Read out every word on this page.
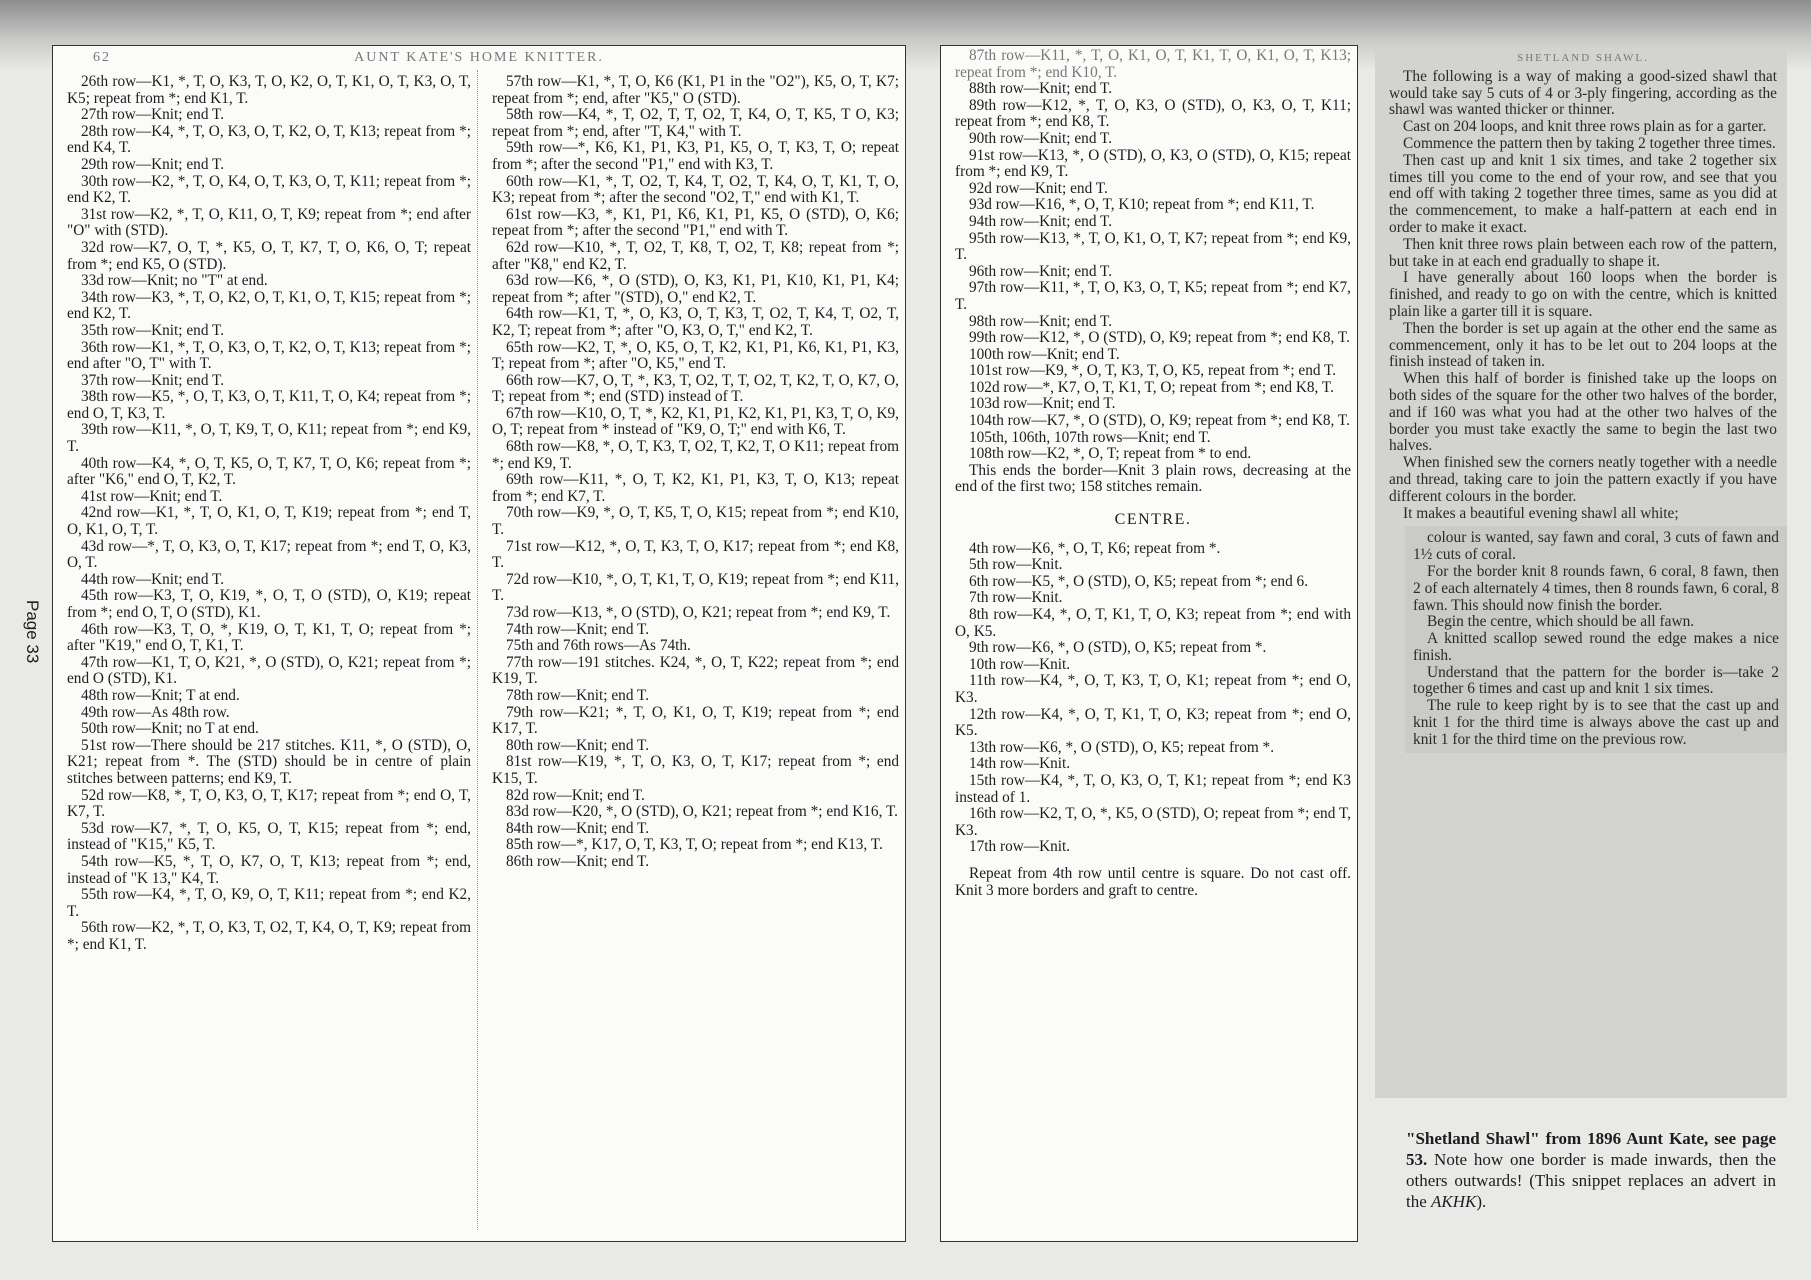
Page 33
62	AUNT KATE'S HOME KNITTER.

26th row—K1, *, T, O, K3, T, O, K2, O, T, K1, O, T, K3, O, T, K5; repeat from *; end K1, T.

27th row—Knit; end T.

28th row—K4, *, T, O, K3, O, T, K2, O, T, K13; repeat from *; end K4, T.

29th row—Knit; end T.

30th row—K2, *, T, O, K4, O, T, K3, O, T, K11; repeat from *; end K2, T.

31st row—K2, *, T, O, K11, O, T, K9; repeat from *; end after "O" with (STD).

32d row—K7, O, T, *, K5, O, T, K7, T, O, K6, O, T; repeat from *; end K5, O (STD).

33d row—Knit; no "T" at end.

34th row—K3, *, T, O, K2, O, T, K1, O, T, K15; repeat from *; end K2, T.

35th row—Knit; end T.

36th row—K1, *, T, O, K3, O, T, K2, O, T, K13; repeat from *; end after "O, T" with T.

37th row—Knit; end T.

38th row—K5, *, O, T, K3, O, T, K11, T, O, K4; repeat from *; end O, T, K3, T.

39th row—K11, *, O, T, K9, T, O, K11; repeat from *; end K9, T.

40th row—K4, *, O, T, K5, O, T, K7, T, O, K6; repeat from *; after "K6," end O, T, K2, T.

41st row—Knit; end T.

42nd row—K1, *, T, O, K1, O, T, K19; repeat from *; end T, O, K1, O, T, T.

43d row—*, T, O, K3, O, T, K17; repeat from *; end T, O, K3, O, T.

44th row—Knit; end T.

45th row—K3, T, O, K19, *, O, T, O (STD), O, K19; repeat from *; end O, T, O (STD), K1.

46th row—K3, T, O, *, K19, O, T, K1, T, O; repeat from *; after "K19," end O, T, K1, T.

47th row—K1, T, O, K21, *, O (STD), O, K21; repeat from *; end O (STD), K1.

48th row—Knit; T at end.

49th row—As 48th row.

50th row—Knit; no T at end.

51st row—There should be 217 stitches. K11, *, O (STD), O, K21; repeat from *. The (STD) should be in centre of plain stitches between patterns; end K9, T.

52d row—K8, *, T, O, K3, O, T, K17; repeat from *; end O, T, K7, T.

53d row—K7, *, T, O, K5, O, T, K15; repeat from *; end, instead of "K15," K5, T.

54th row—K5, *, T, O, K7, O, T, K13; repeat from *; end, instead of "K 13," K4, T.

55th row—K4, *, T, O, K9, O, T, K11; repeat from *; end K2, T.

56th row—K2, *, T, O, K3, T, O2, T, K4, O, T, K9; repeat from *; end K1, T.

57th row—K1, *, T, O, K6 (K1, P1 in the "O2"), K5, O, T, K7; repeat from *; end, after "K5," O (STD).

58th row—K4, *, T, O2, T, T, O2, T, K4, O, T, K5, T O, K3; repeat from *; end, after "T, K4," with T.

59th row—*, K6, K1, P1, K3, P1, K5, O, T, K3, T, O; repeat from *; after the second "P1," end with K3, T.

60th row—K1, *, T, O2, T, K4, T, O2, T, K4, O, T, K1, T, O, K3; repeat from *; after the second "O2, T," end with K1, T.

61st row—K3, *, K1, P1, K6, K1, P1, K5, O (STD), O, K6; repeat from *; after the second "P1," end with T.

62d row—K10, *, T, O2, T, K8, T, O2, T, K8; repeat from *; after "K8," end K2, T.

63d row—K6, *, O (STD), O, K3, K1, P1, K10, K1, P1, K4; repeat from *; after "(STD), O," end K2, T.

64th row—K1, T, *, O, K3, O, T, K3, T, O2, T, K4, T, O2, T, K2, T; repeat from *; after "O, K3, O, T," end K2, T.

65th row—K2, T, *, O, K5, O, T, K2, K1, P1, K6, K1, P1, K3, T; repeat from *; after "O, K5," end T.

66th row—K7, O, T, *, K3, T, O2, T, T, O2, T, K2, T, O, K7, O, T; repeat from *; end (STD) instead of T.

67th row—K10, O, T, *, K2, K1, P1, K2, K1, P1, K3, T, O, K9, O, T; repeat from * instead of "K9, O, T;" end with K6, T.

68th row—K8, *, O, T, K3, T, O2, T, K2, T, O K11; repeat from *; end K9, T.

69th row—K11, *, O, T, K2, K1, P1, K3, T, O, K13; repeat from *; end K7, T.

70th row—K9, *, O, T, K5, T, O, K15; repeat from *; end K10, T.

71st row—K12, *, O, T, K3, T, O, K17; repeat from *; end K8, T.

72d row—K10, *, O, T, K1, T, O, K19; repeat from *; end K11, T.

73d row—K13, *, O (STD), O, K21; repeat from *; end K9, T.

74th row—Knit; end T.

75th and 76th rows—As 74th.

77th row—191 stitches. K24, *, O, T, K22; repeat from *; end K19, T.

78th row—Knit; end T.

79th row—K21; *, T, O, K1, O, T, K19; repeat from *; end K17, T.

80th row—Knit; end T.

81st row—K19, *, T, O, K3, O, T, K17; repeat from *; end K15, T.

82d row—Knit; end T.

83d row—K20, *, O (STD), O, K21; repeat from *; end K16, T.

84th row—Knit; end T.

85th row—*, K17, O, T, K3, T, O; repeat from *; end K13, T.

86th row—Knit; end T.

87th row—K11, *, T, O, K1, O, T, K1, T, O, K1, O, T, K13; repeat from *; end K10, T.

88th row—Knit; end T.

89th row—K12, *, T, O, K3, O (STD), O, K3, O, T, K11; repeat from *; end K8, T.

90th row—Knit; end T.

91st row—K13, *, O (STD), O, K3, O (STD), O, K15; repeat from *; end K9, T.

92d row—Knit; end T.

93d row—K16, *, O, T, K10; repeat from *; end K11, T.

94th row—Knit; end T.

95th row—K13, *, T, O, K1, O, T, K7; repeat from *; end K9, T.

96th row—Knit; end T.

97th row—K11, *, T, O, K3, O, T, K5; repeat from *; end K7, T.

98th row—Knit; end T.

99th row—K12, *, O (STD), O, K9; repeat from *; end K8, T.

100th row—Knit; end T.

101st row—K9, *, O, T, K3, T, O, K5, repeat from *; end T.

102d row—*, K7, O, T, K1, T, O; repeat from *; end K8, T.

103d row—Knit; end T.

104th row—K7, *, O (STD), O, K9; repeat from *; end K8, T.

105th, 106th, 107th rows—Knit; end T.

108th row—K2, *, O, T; repeat from * to end.

This ends the border—Knit 3 plain rows, decreasing at the end of the first two; 158 stitches remain.

CENTRE.

4th row—K6, *, O, T, K6; repeat from *.

5th row—Knit.

6th row—K5, *, O (STD), O, K5; repeat from *; end 6.

7th row—Knit.

8th row—K4, *, O, T, K1, T, O, K3; repeat from *; end with O, K5.

9th row—K6, *, O (STD), O, K5; repeat from *.

10th row—Knit.

11th row—K4, *, O, T, K3, T, O, K1; repeat from *; end O, K3.

12th row—K4, *, O, T, K1, T, O, K3; repeat from *; end O, K5.

13th row—K6, *, O (STD), O, K5; repeat from *.

14th row—Knit.

15th row—K4, *, T, O, K3, O, T, K1; repeat from *; end K3 instead of 1.

16th row—K2, T, O, *, K5, O (STD), O; repeat from *; end T, K3.

17th row—Knit.

Repeat from 4th row until centre is square. Do not cast off. Knit 3 more borders and graft to centre.

SHETLAND SHAWL.

The following is a way of making a good-sized shawl that would take say 5 cuts of 4 or 3-ply fingering, according as the shawl was wanted thicker or thinner.

Cast on 204 loops, and knit three rows plain as for a garter.

Commence the pattern then by taking 2 together three times.

Then cast up and knit 1 six times, and take 2 together six times till you come to the end of your row, and see that you end off with taking 2 together three times, same as you did at the commencement, to make a half-pattern at each end in order to make it exact.

Then knit three rows plain between each row of the pattern, but take in at each end gradually to shape it.

I have generally about 160 loops when the border is finished, and ready to go on with the centre, which is knitted plain like a garter till it is square.

Then the border is set up again at the other end the same as commencement, only it has to be let out to 204 loops at the finish instead of taken in.

When this half of border is finished take up the loops on both sides of the square for the other two halves of the border, and if 160 was what you had at the other two halves of the border you must take exactly the same to begin the last two halves.

When finished sew the corners neatly together with a needle and thread, taking care to join the pattern exactly if you have different colours in the border.

It makes a beautiful evening shawl all white;

colour is wanted, say fawn and coral, 3 cuts of fawn and 1½ cuts of coral.

For the border knit 8 rounds fawn, 6 coral, 8 fawn, then 2 of each alternately 4 times, then 8 rounds fawn, 6 coral, 8 fawn. This should now finish the border.

Begin the centre, which should be all fawn.

A knitted scallop sewed round the edge makes a nice finish.

Understand that the pattern for the border is—take 2 together 6 times and cast up and knit 1 six times.

The rule to keep right by is to see that the cast up and knit 1 for the third time is always above the cast up and knit 1 for the third time on the previous row.

"Shetland Shawl" from 1896 Aunt Kate, see page 53. Note how one border is made inwards, then the others outwards! (This snippet replaces an advert in the AKHK).
